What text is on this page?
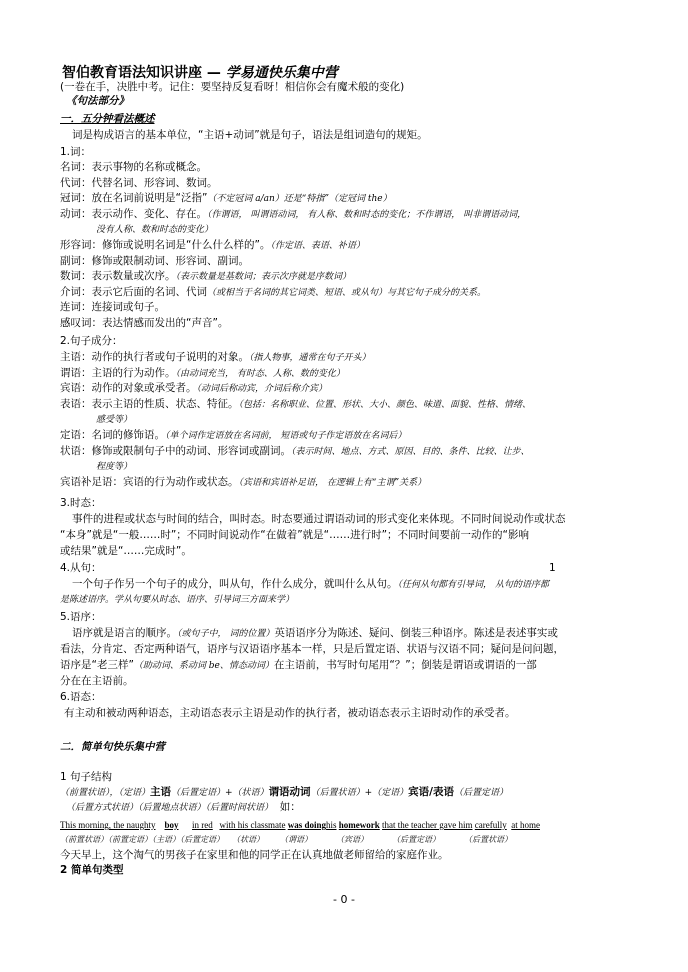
智伯教育语法知识讲座 — 学易通快乐集中营
(一卷在手，决胜中考。记住：要坚持反复看呀！相信你会有魔术般的变化)
《句法部分》
一．五分钟看法概述
词是构成语言的基本单位，“主语+动词”就是句子，语法是组词造句的规矩。
1.词：
名词：表示事物的名称或概念。
代词：代替名词、形容词、数词。
冠词：放在名词前说明是“泛指”（不定冠词 a/an）还是“特指”（定冠词 the）
动词：表示动作、变化、存在。（作谓语， 叫谓语动词， 有人称、数和时态的变化；不作谓语， 叫非谓语动词，
没有人称、数和时态的变化）
形容词：修饰或说明名词是“什么什么样的”。（作定语、表语、补语）
副词：修饰或限制动词、形容词、副词。
数词：表示数量或次序。（表示数量是基数词；表示次序就是序数词）
介词：表示它后面的名词、代词（或相当于名词的其它词类、短语、或从句）与其它句子成分的关系。
连词：连接词或句子。
感叹词：表达情感而发出的“声音”。
2.句子成分：
主语：动作的执行者或句子说明的对象。（指人物事，通常在句子开头）
谓语：主语的行为动作。（由动词充当， 有时态、人称、数的变化）
宾语：动作的对象或承受者。（动词后称动宾，介词后称介宾）
表语：表示主语的性质、状态、特征。（包括：名称职业、位置、形状、大小、颜色、味道、面貌、性格、情绪、
感受等）
定语：名词的修饰语。（单个词作定语放在名词前， 短语或句子作定语放在名词后）
状语：修饰或限制句子中的动词、形容词或副词。（表示时间、地点、方式、原因、目的、条件、比较、让步、
程度等）
宾语补足语：宾语的行为动作或状态。（宾语和宾语补足语， 在逻辑上有“主谓”关系）
3.时态：
事件的进程或状态与时间的结合，叫时态。时态要通过谓语动词的形式变化来体现。不同时间说动作或状态
“本身”就是“一般……时”；不同时间说动作“在做着”就是“……进行时”；不同时间要前一动作的“影响
或结果”就是“……完成时”。
4.从句：	1
一个句子作另一个句子的成分，叫从句，作什么成分，就叫什么从句。（任何从句都有引导词， 从句的语序都
是陈述语序。学从句要从时态、语序、引导词三方面来学）
5.语序：
语序就是语言的顺序。（或句子中， 词的位置）英语语序分为陈述、疑问、倒装三种语序。陈述是表述事实或
看法，分肯定、否定两种语气，语序与汉语语序基本一样，只是后置定语、状语与汉语不同；疑问是问问题，
语序是“老三样”（助动词、系动词 be、情态动词）在主语前，书写时句尾用“？”；倒装是谓语或谓语的一部
分在在主语前。
6.语态：
有主动和被动两种语态，主动语态表示主语是动作的执行者，被动语态表示主语时动作的承受者。
二．简单句快乐集中营
1 句子结构
（前置状语），（定语）主语（后置定语）+（状语）谓语动词（后置状语）+（定语）宾语/表语（后置定语）
（后置方式状语）（后置地点状语）（后置时间状语） 如：
This morning, the naughty boy in red with his classmate was doinghis homework that the teacher gave him carefully at home
（前置状语）（前置定语）（主语）（后置定语）　　（状语）　　　（谓语）　　　　（宾语）　　　　（后置定语）　　　　（后置状语）
今天早上，这个淘气的男孩子在家里和他的同学正在认真地做老师留给的家庭作业。
2 简单句类型
- 0 -
